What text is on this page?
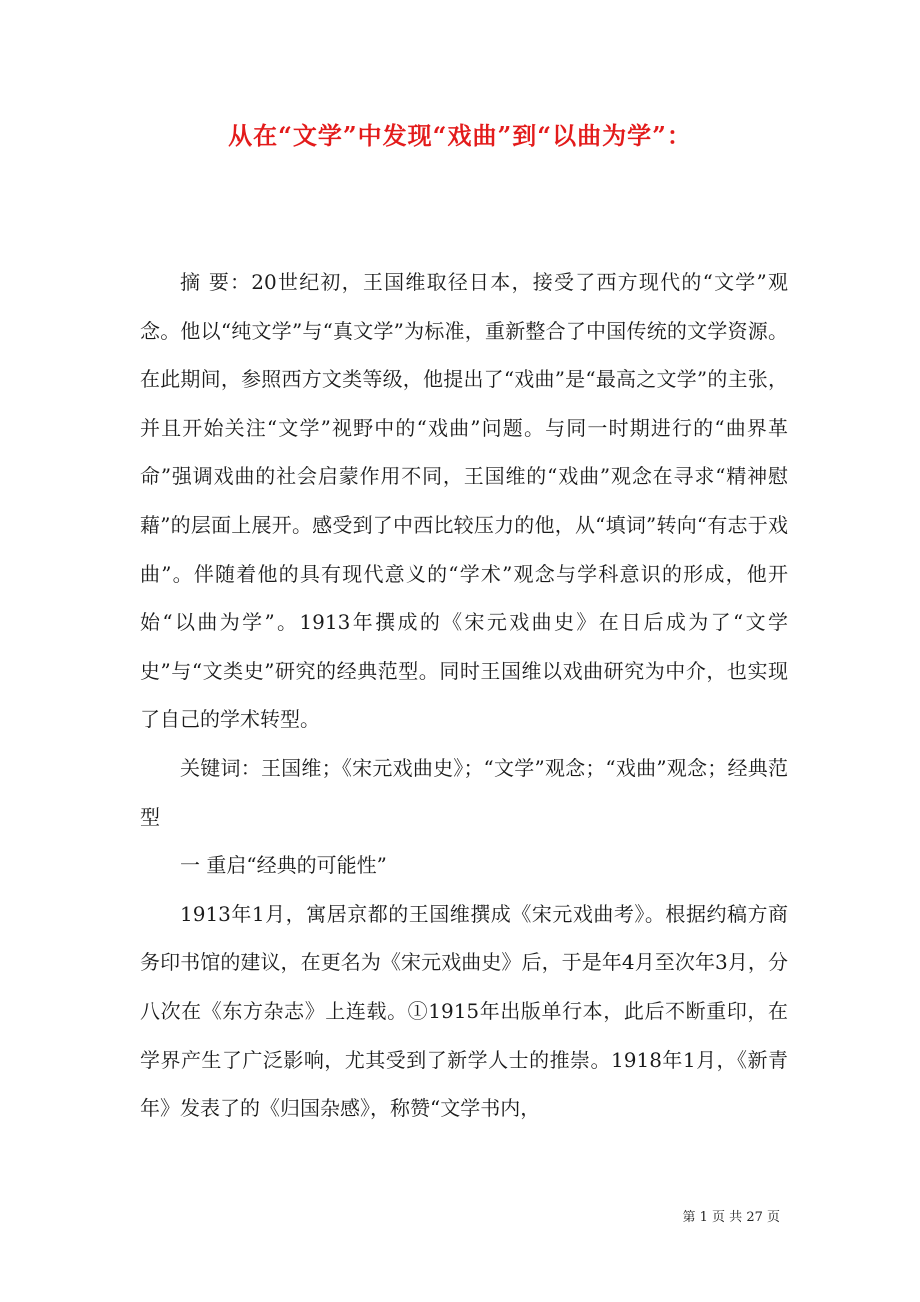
从在“文学”中发现“戏曲”到“以曲为学”：

摘 要：20世纪初，王国维取径日本，接受了西方现代的“文学”观念。他以“纯文学”与“真文学”为标准，重新整合了中国传统的文学资源。在此期间，参照西方文类等级，他提出了“戏曲”是“最高之文学”的主张，并且开始关注“文学”视野中的“戏曲”问题。与同一时期进行的“曲界革命”强调戏曲的社会启蒙作用不同，王国维的“戏曲”观念在寻求“精神慰藉”的层面上展开。感受到了中西比较压力的他，从“填词”转向“有志于戏曲”。伴随着他的具有现代意义的“学术”观念与学科意识的形成，他开始“以曲为学”。1913年撰成的《宋元戏曲史》在日后成为了“文学史”与“文类史”研究的经典范型。同时王国维以戏曲研究为中介，也实现了自己的学术转型。

关键词：王国维；《宋元戏曲史》；“文学”观念；“戏曲”观念；经典范型

一 重启“经典的可能性”

1913年1月，寓居京都的王国维撰成《宋元戏曲考》。根据约稿方商务印书馆的建议，在更名为《宋元戏曲史》后，于是年4月至次年3月，分八次在《东方杂志》上连载。①1915年出版单行本，此后不断重印，在学界产生了广泛影响，尤其受到了新学人士的推崇。1918年1月，《新青年》发表了的《归国杂感》，称赞“文学书内，

第 1 页 共 27 页
